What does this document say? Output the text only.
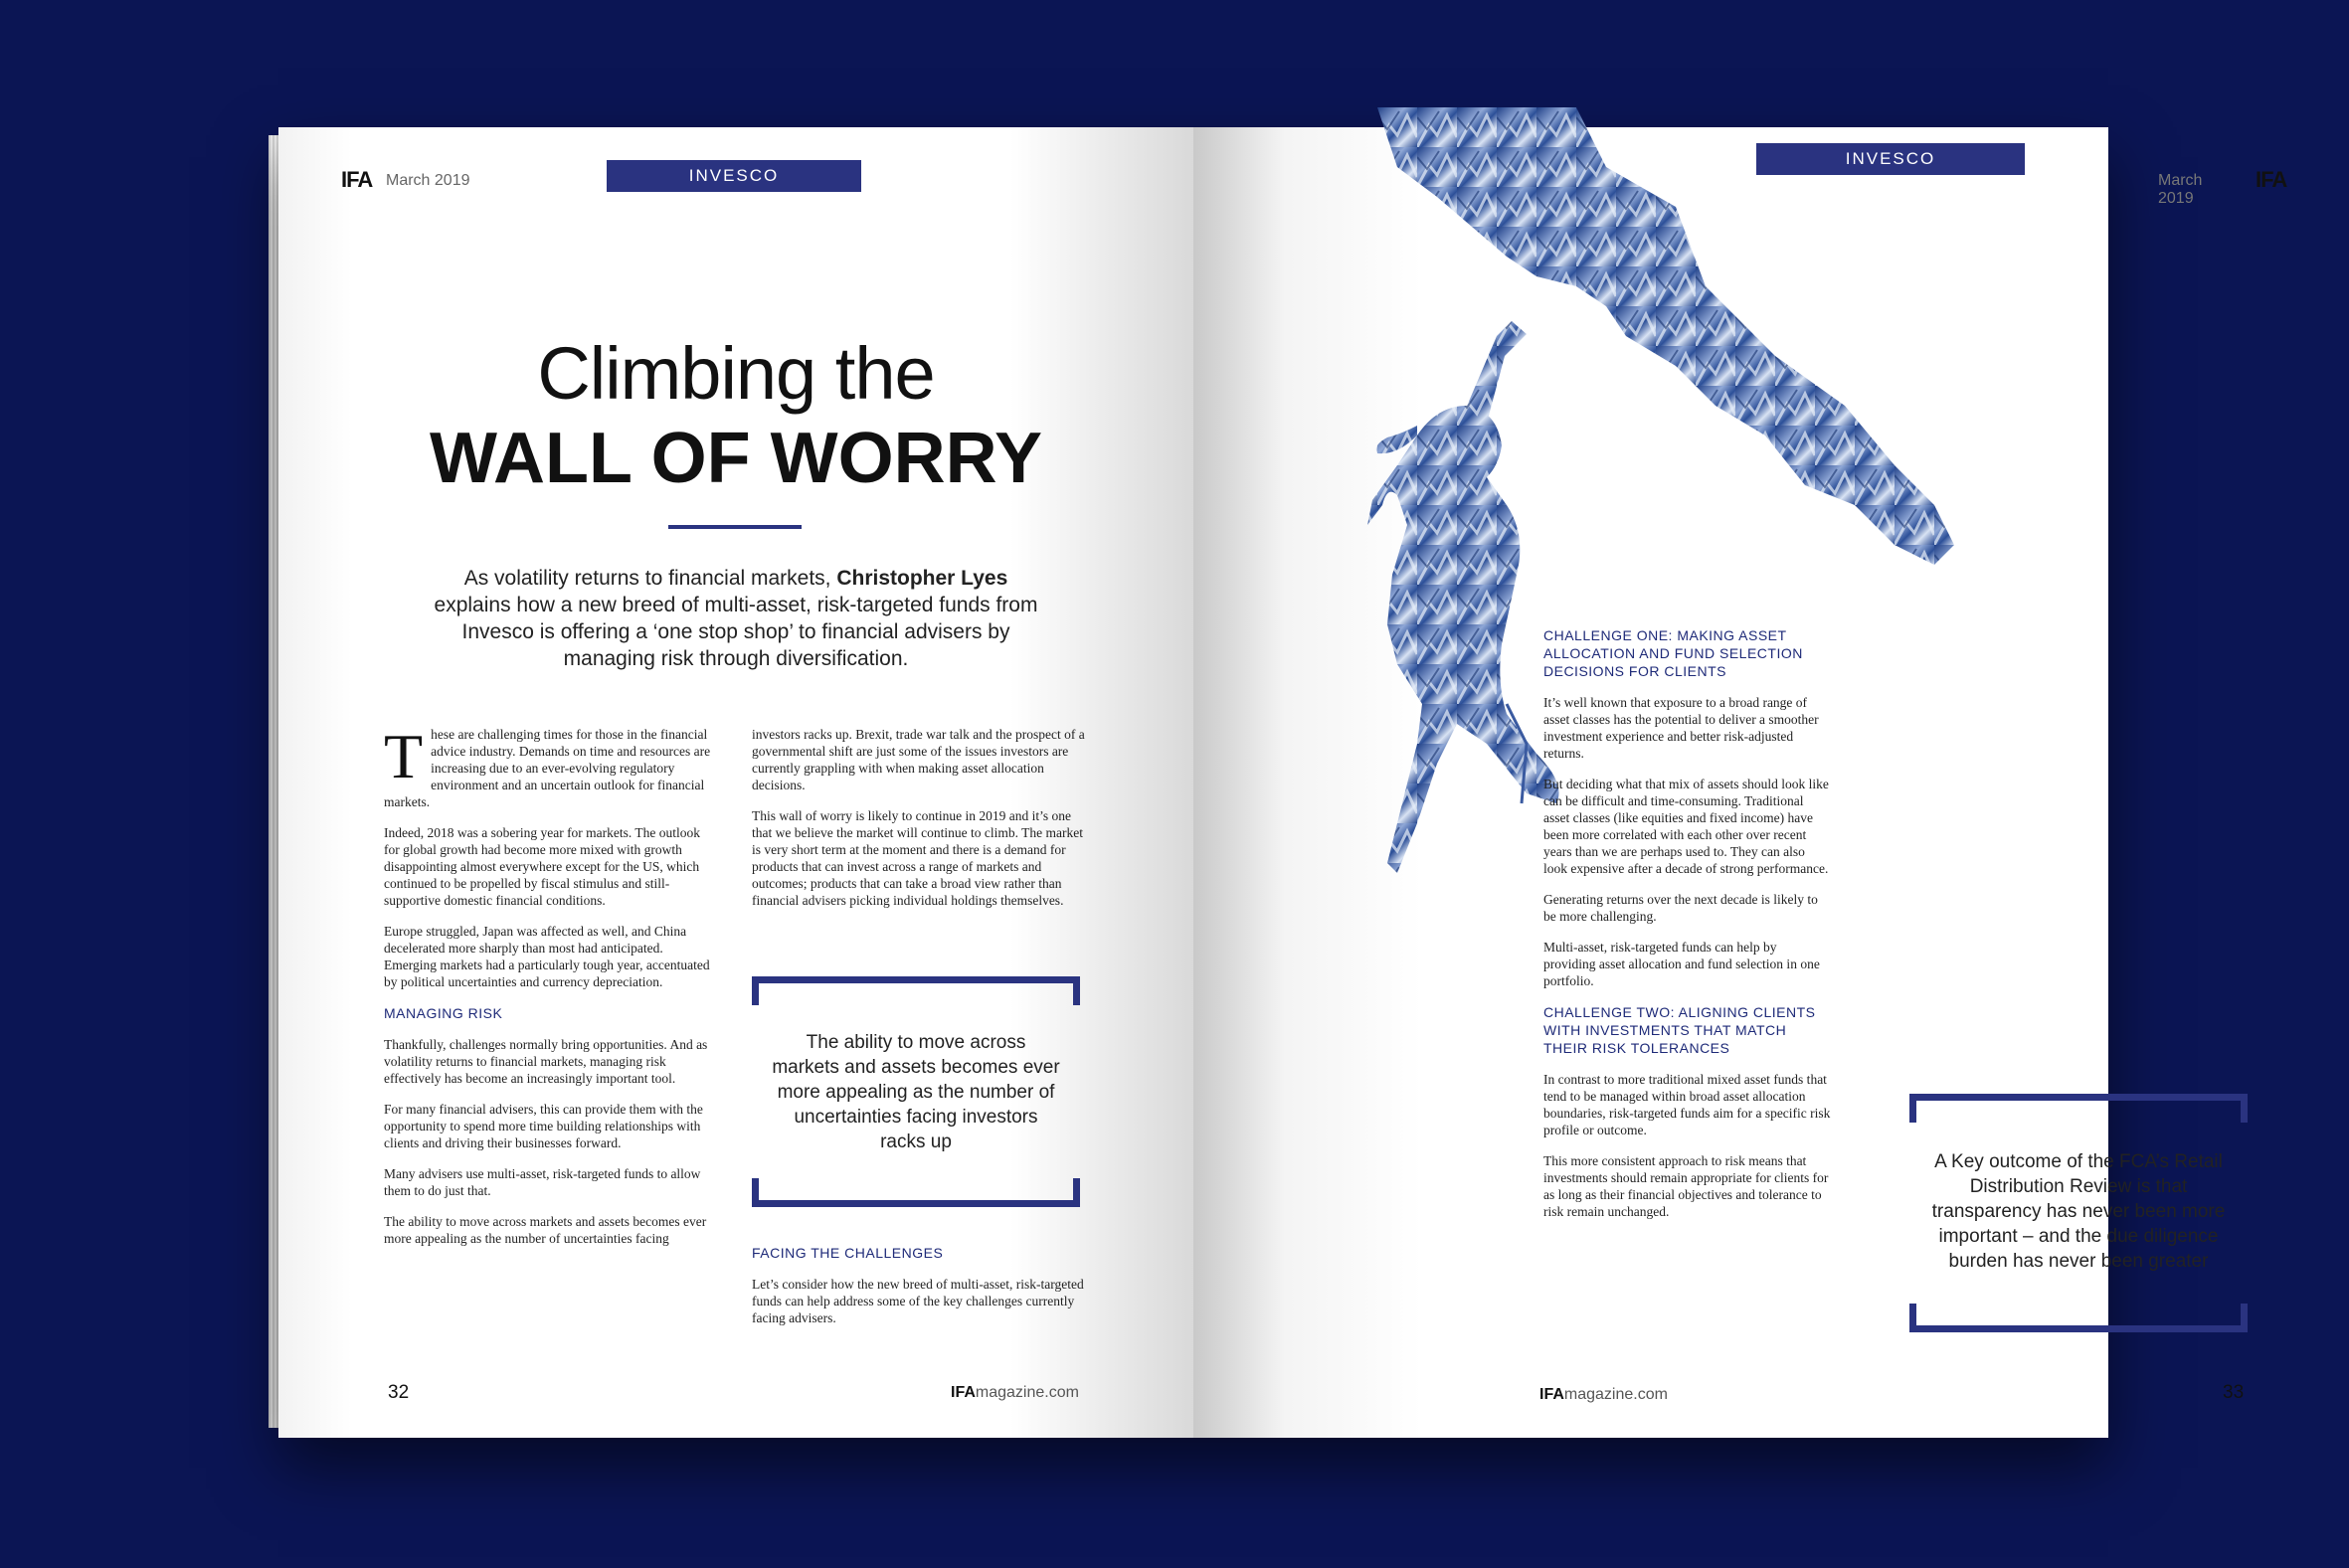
IFA March 2019	INVESCO
Climbing the
WALL OF WORRY
As volatility returns to financial markets, Christopher Lyes explains how a new breed of multi-asset, risk-targeted funds from Invesco is offering a ‘one stop shop’ to financial advisers by managing risk through diversification.

These are challenging times for those in the financial advice industry. Demands on time and resources are increasing due to an ever-evolving regulatory environment and an uncertain outlook for financial markets.

Indeed, 2018 was a sobering year for markets. The outlook for global growth had become more mixed with growth disappointing almost everywhere except for the US, which continued to be propelled by fiscal stimulus and still-supportive domestic financial conditions.

Europe struggled, Japan was affected as well, and China decelerated more sharply than most had anticipated. Emerging markets had a particularly tough year, accentuated by political uncertainties and currency depreciation.

MANAGING RISK

Thankfully, challenges normally bring opportunities. And as volatility returns to financial markets, managing risk effectively has become an increasingly important tool.

For many financial advisers, this can provide them with the opportunity to spend more time building relationships with clients and driving their businesses forward.

Many advisers use multi-asset, risk-targeted funds to allow them to do just that.

The ability to move across markets and assets becomes ever more appealing as the number of uncertainties facing

investors racks up. Brexit, trade war talk and the prospect of a governmental shift are just some of the issues investors are currently grappling with when making asset allocation decisions.

This wall of worry is likely to continue in 2019 and it’s one that we believe the market will continue to climb. The market is very short term at the moment and there is a demand for products that can invest across a range of markets and outcomes; products that can take a broad view rather than financial advisers picking individual holdings themselves.

The ability to move across markets and assets becomes ever more appealing as the number of uncertainties facing investors racks up
FACING THE CHALLENGES

Let’s consider how the new breed of multi-asset, risk-targeted funds can help address some of the key challenges currently facing advisers.

32	IFAmagazine.com
INVESCO
March 2019
IFA
CHALLENGE ONE: MAKING ASSET ALLOCATION AND FUND SELECTION DECISIONS FOR CLIENTS

It’s well known that exposure to a broad range of asset classes has the potential to deliver a smoother investment experience and better risk-adjusted returns.

But deciding what that mix of assets should look like can be difficult and time-consuming. Traditional asset classes (like equities and fixed income) have been more correlated with each other over recent years than we are perhaps used to. They can also look expensive after a decade of strong performance.

Generating returns over the next decade is likely to be more challenging.

Multi-asset, risk-targeted funds can help by providing asset allocation and fund selection in one portfolio.

CHALLENGE TWO: ALIGNING CLIENTS WITH INVESTMENTS THAT MATCH THEIR RISK TOLERANCES

In contrast to more traditional mixed asset funds that tend to be managed within broad asset allocation boundaries, risk-targeted funds aim for a specific risk profile or outcome.

This more consistent approach to risk means that investments should remain appropriate for clients for as long as their financial objectives and tolerance to risk remain unchanged.

A Key outcome of the FCA’s Retail Distribution Review is that transparency has never been more important – and the due diligence burden has never been greater
IFAmagazine.com	33
